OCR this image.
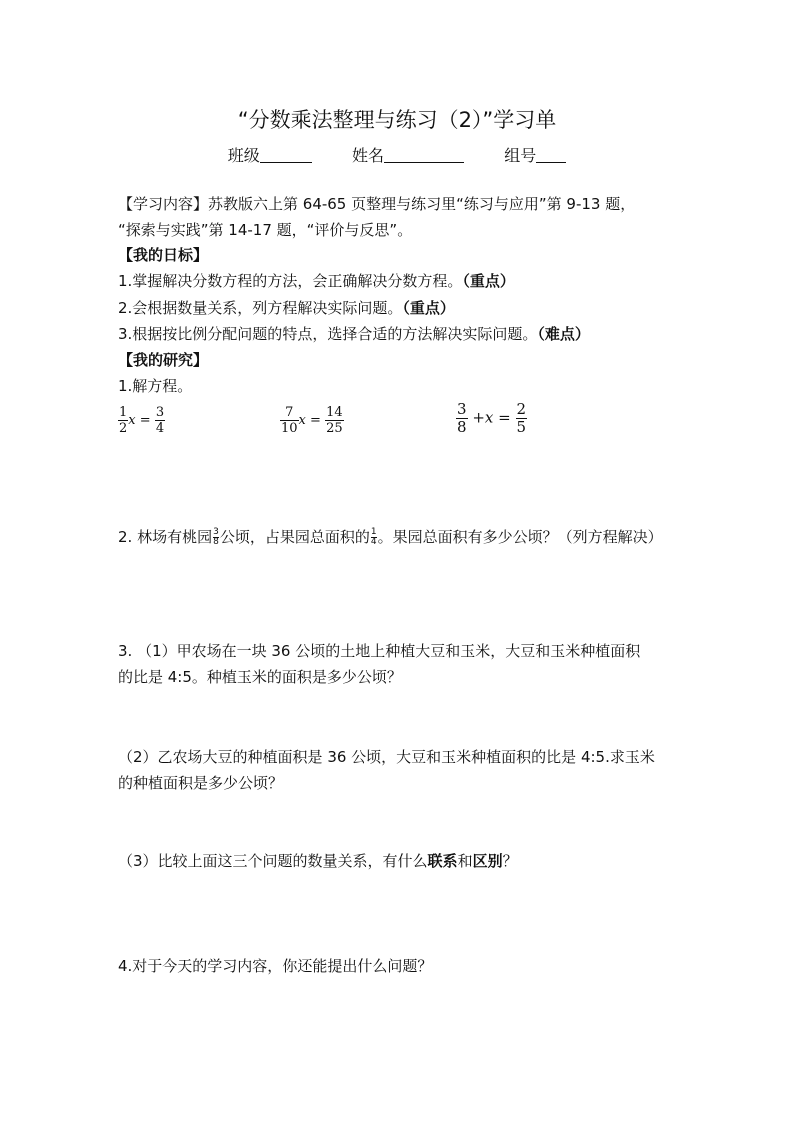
“分数乘法整理与练习（2）”学习单
班级	姓名	组号
【学习内容】苏教版六上第 64-65 页整理与练习里“练习与应用”第 9-13 题，
“探索与实践”第 14-17 题，“评价与反思”。
【我的日标】
1.掌握解决分数方程的方法，会正确解决分数方程。（重点）
2.会根据数量关系，列方程解决实际问题。（重点）
3.根据按比例分配问题的特点，选择合适的方法解决实际问题。（难点）
【我的研究】
1.解方程。
$\frac{1}{2}$ $x = \frac{3}{4}$	$\frac{7}{10}$ $x = \frac{14}{25}$	$\frac{3}{8} +x = \frac{2}{5}$
2. 林场有桃园 $\frac{3}{8}$ 公顷，占果园总面积的 $\frac{1}{4}$ 。果园总面积有多少公顷？（列方程解决）
3. （1）甲农场在一块 36 公顷的土地上种植大豆和玉米，大豆和玉米种植面积
的比是 4:5。种植玉米的面积是多少公顷？
（2）乙农场大豆的种植面积是 36 公顷，大豆和玉米种植面积的比是 4:5.求玉米
的种植面积是多少公顷？
（3）比较上面这三个问题的数量关系，有什么联系和区别？
4.对于今天的学习内容，你还能提出什么问题？
